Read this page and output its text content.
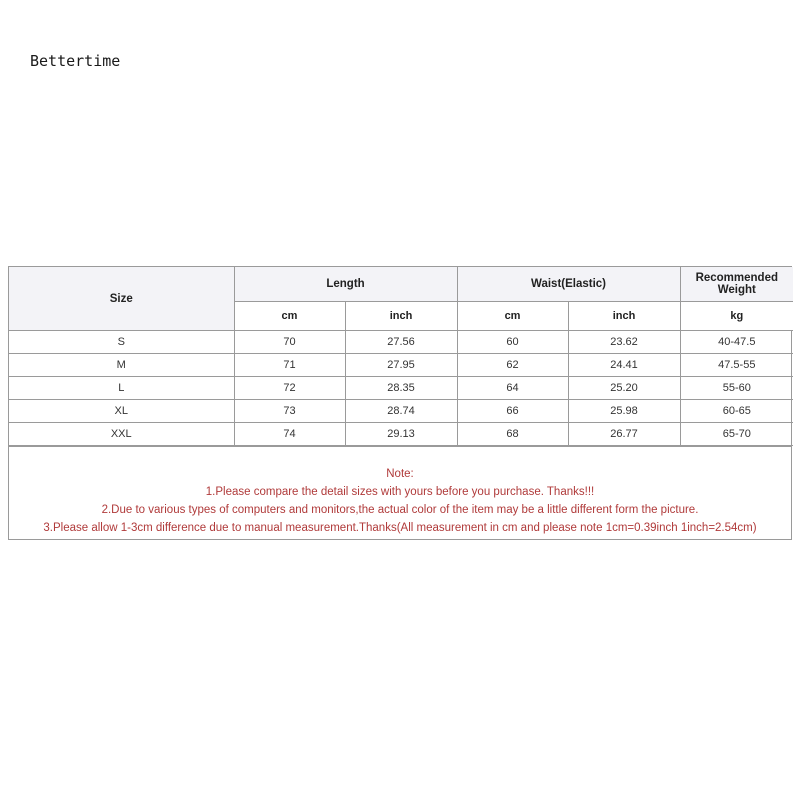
Bettertime
Size	Length		Waist(Elastic)		Recommended Weight
	cm	inch	cm	inch	kg
S	70	27.56	60	23.62	40-47.5
M	71	27.95	62	24.41	47.5-55
L	72	28.35	64	25.20	55-60
XL	73	28.74	66	25.98	60-65
XXL	74	29.13	68	26.77	65-70
Note:
1.Please compare the detail sizes with yours before you purchase. Thanks!!!
2.Due to various types of computers and monitors,the actual color of the item may be a little different form the picture.
3.Please allow 1-3cm difference due to manual measurement.Thanks(All measurement in cm and please note 1cm=0.39inch 1inch=2.54cm)
